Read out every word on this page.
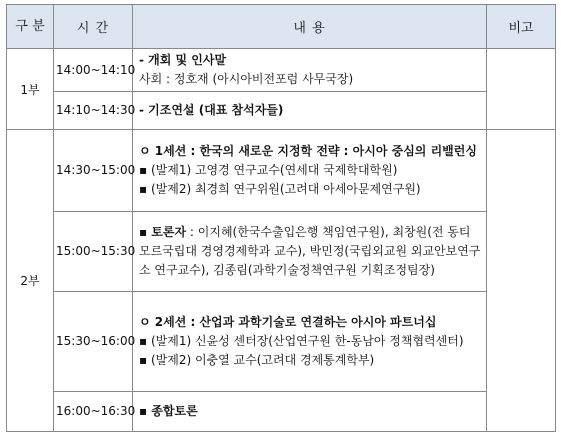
구 분	시 간	내 용	비고
1부	14:00~14:10	- 개회 및 인사말
사회 : 정호재 (아시아비전포럼 사무국장)	

	14:10~14:30	- 기조연설 (대표 참석자들)	

2부	14:30~15:00	ㅇ 1세션 : 한국의 새로운 지정학 전략 : 아시아 중심의 리밸런싱
▪ (발제1) 고영경 연구교수(연세대 국제학대학원)
▪ (발제2) 최경희 연구위원(고려대 아세아문제연구원)	

	15:00~15:30	▪ 토론자 : 이지혜(한국수출입은행 책임연구원), 최창원(전 동티모르국립대 경영경제학과 교수), 박민정(국립외교원 외교안보연구소 연구교수), 김종림(과학기술정책연구원 기획조정팀장)	

	15:30~16:00	ㅇ 2세션 : 산업과 과학기술로 연결하는 아시아 파트너십
▪ (발제1) 신윤성 센터장(산업연구원 한-동남아 정책협력센터)
▪ (발제2) 이충열 교수(고려대 경제통계학부)	

	16:00~16:30	▪ 종합토론	
